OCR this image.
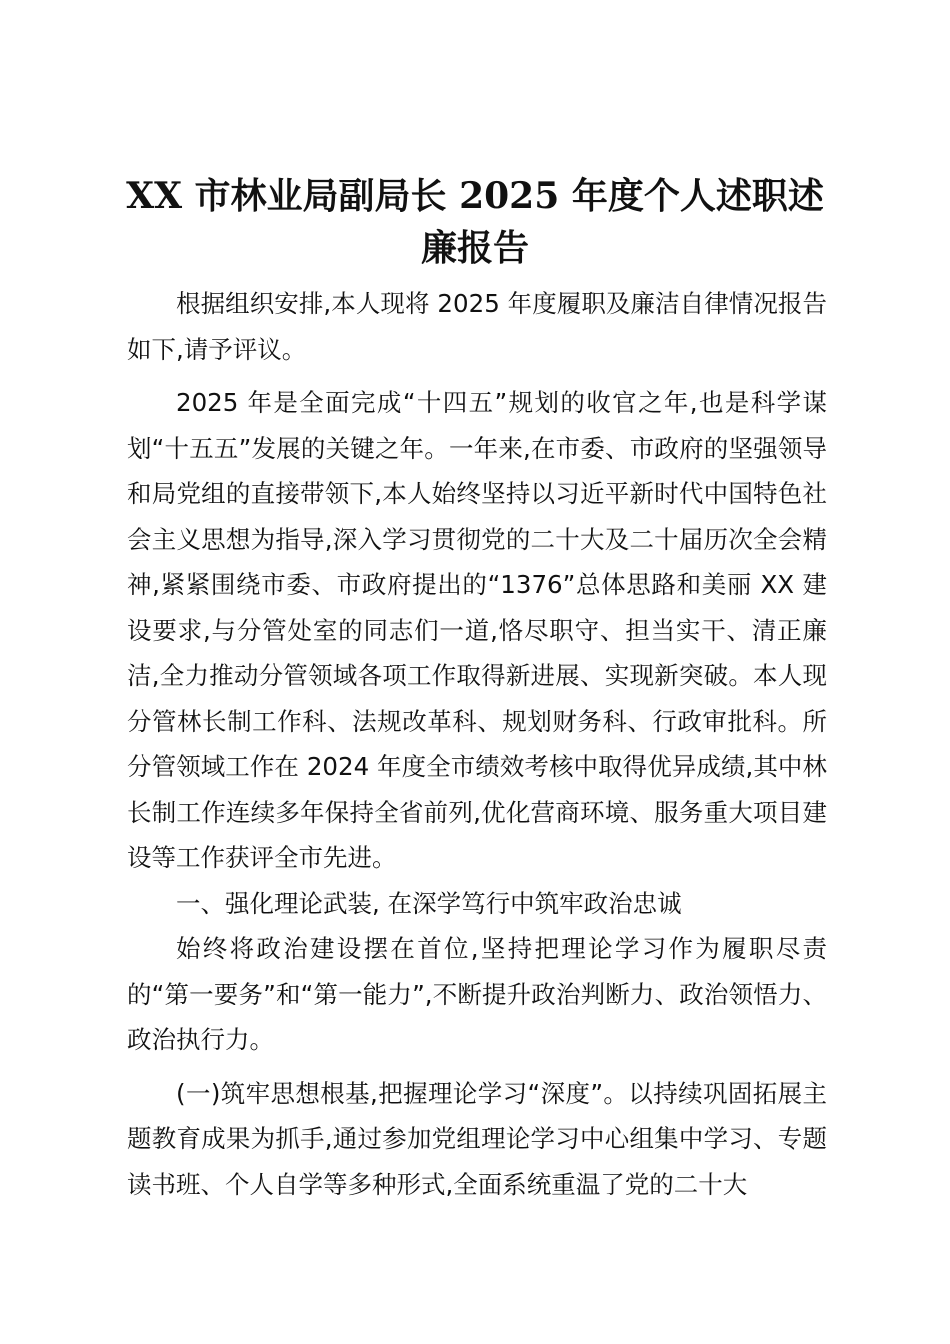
XX 市林业局副局长 2025 年度个人述职述廉报告

根据组织安排,本人现将 2025 年度履职及廉洁自律情况报告如下,请予评议。

2025 年是全面完成“十四五”规划的收官之年,也是科学谋划“十五五”发展的关键之年。一年来,在市委、市政府的坚强领导和局党组的直接带领下,本人始终坚持以习近平新时代中国特色社会主义思想为指导,深入学习贯彻党的二十大及二十届历次全会精神,紧紧围绕市委、市政府提出的“1376”总体思路和美丽 XX 建设要求,与分管处室的同志们一道,恪尽职守、担当实干、清正廉洁,全力推动分管领域各项工作取得新进展、实现新突破。本人现分管林长制工作科、法规改革科、规划财务科、行政审批科。所分管领域工作在 2024 年度全市绩效考核中取得优异成绩,其中林长制工作连续多年保持全省前列,优化营商环境、服务重大项目建设等工作获评全市先进。

一、强化理论武装, 在深学笃行中筑牢政治忠诚

始终将政治建设摆在首位,坚持把理论学习作为履职尽责的“第一要务”和“第一能力”,不断提升政治判断力、政治领悟力、政治执行力。

(一)筑牢思想根基,把握理论学习“深度”。以持续巩固拓展主题教育成果为抓手,通过参加党组理论学习中心组集中学习、专题读书班、个人自学等多种形式,全面系统重温了党的二十大
